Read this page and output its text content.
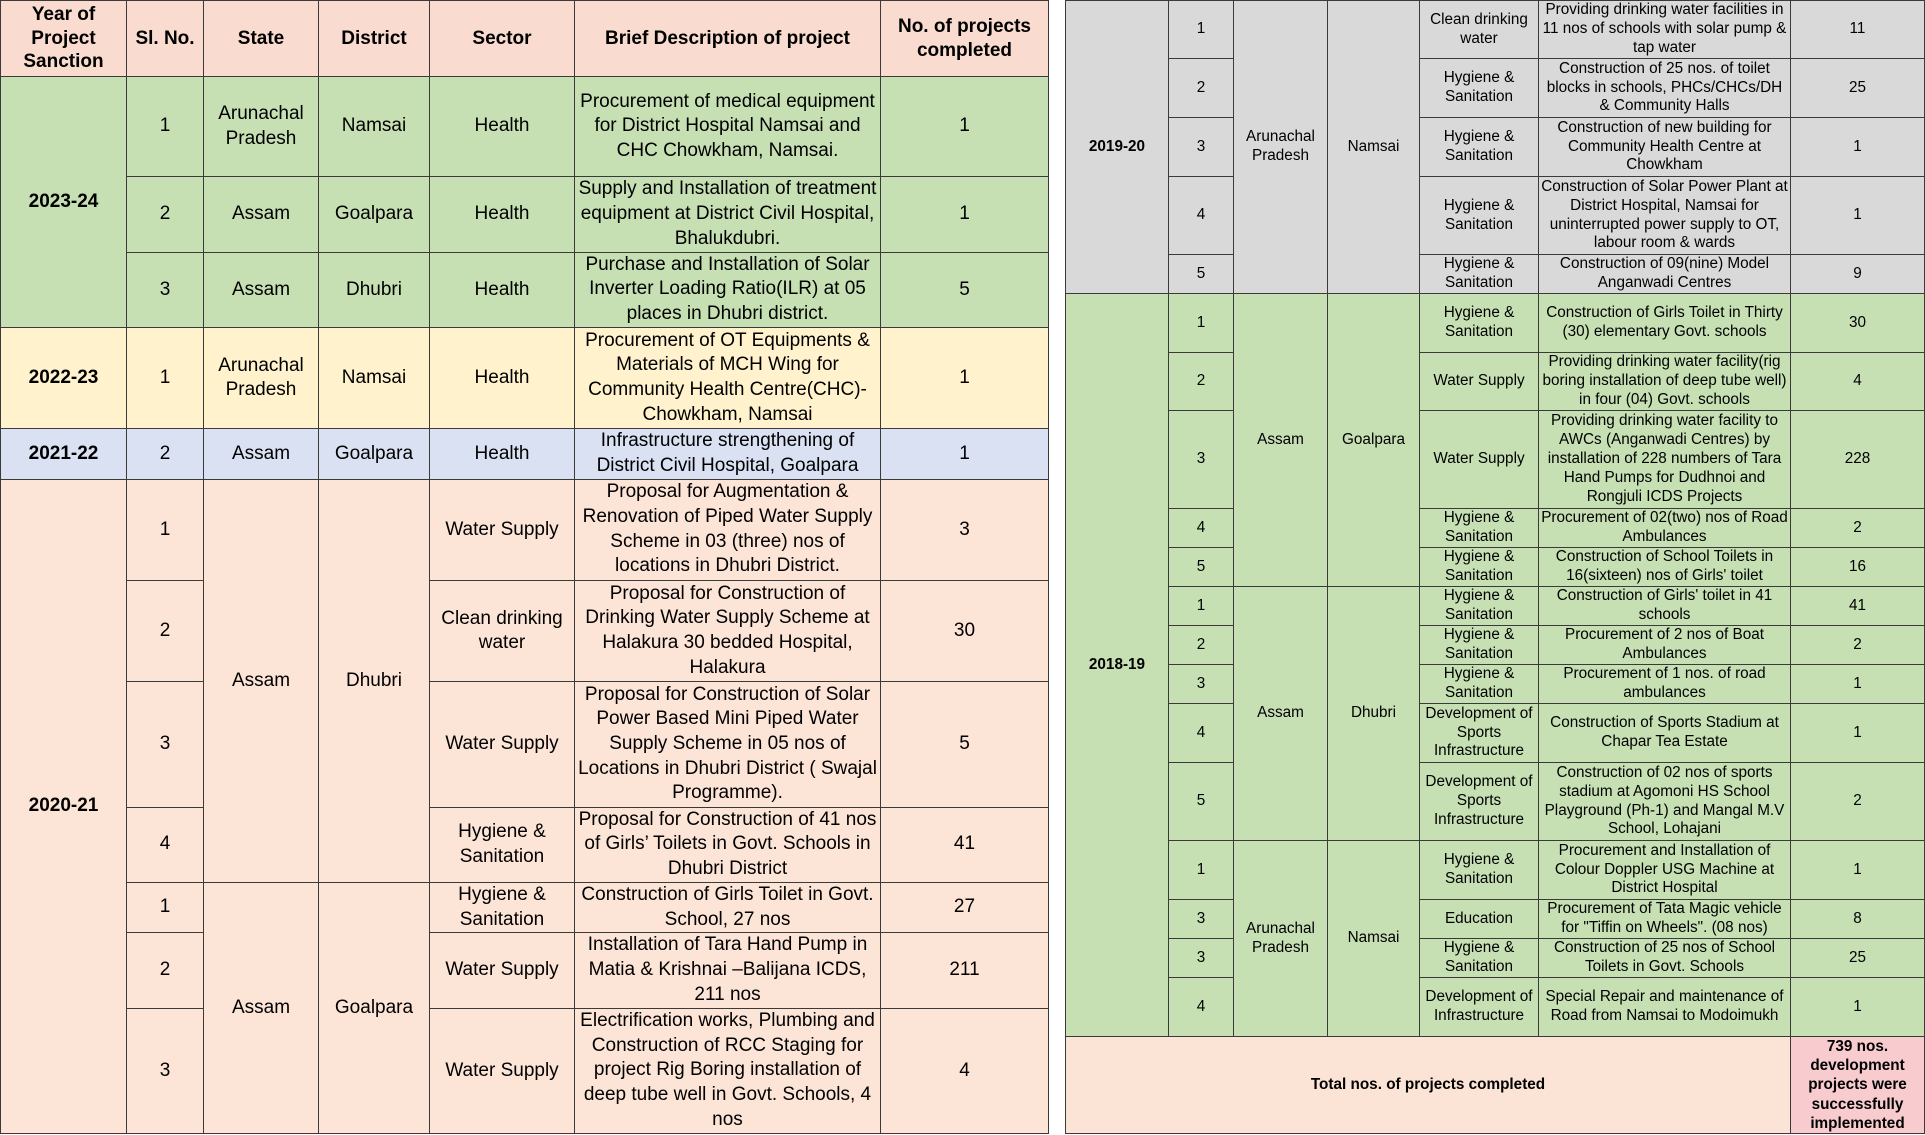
Year of Project Sanction	Sl. No.	State	District	Sector	Brief Description of project	No. of projects completed
2023-24	1	Arunachal Pradesh	Namsai	Health	Procurement of medical equipment for District Hospital Namsai and CHC Chowkham, Namsai.	1
	2	Assam	Goalpara	Health	Supply and Installation of treatment equipment at District Civil Hospital, Bhalukdubri.	1
	3	Assam	Dhubri	Health	Purchase and Installation of Solar Inverter Loading Ratio(ILR) at 05 places in Dhubri district.	5
2022-23	1	Arunachal Pradesh	Namsai	Health	Procurement of OT Equipments & Materials of MCH Wing for Community Health Centre(CHC)-Chowkham, Namsai	1
2021-22	2	Assam	Goalpara	Health	Infrastructure strengthening of District Civil Hospital, Goalpara	1
2020-21	1	Assam	Dhubri	Water Supply	Proposal for Augmentation & Renovation of Piped Water Supply Scheme in 03 (three) nos of locations in Dhubri District.	3
	2			Clean drinking water	Proposal for Construction of Drinking Water Supply Scheme at Halakura 30 bedded Hospital, Halakura	30
	3			Water Supply	Proposal for Construction of Solar Power Based Mini Piped Water Supply Scheme in 05 nos of Locations in Dhubri District ( Swajal Programme).	5
	4			Hygiene & Sanitation	Proposal for Construction of 41 nos of Girls’ Toilets in Govt. Schools in Dhubri District	41
	1	Assam	Goalpara	Hygiene & Sanitation	Construction of Girls Toilet in Govt. School, 27 nos	27
	2			Water Supply	Installation of Tara Hand Pump in Matia & Krishnai –Balijana ICDS, 211 nos	211
	3			Water Supply	Electrification works, Plumbing and Construction of RCC Staging for project Rig Boring installation of deep tube well in Govt. Schools, 4 nos	4
2019-20	1	Arunachal Pradesh	Namsai	Clean drinking water	Providing drinking water facilities in 11 nos of schools with solar pump & tap water	11
	2			Hygiene & Sanitation	Construction of 25 nos. of toilet blocks in schools, PHCs/CHCs/DH & Community Halls	25
	3			Hygiene & Sanitation	Construction of new building for Community Health Centre at Chowkham	1
	4			Hygiene & Sanitation	Construction of Solar Power Plant at District Hospital, Namsai for uninterrupted power supply to OT, labour room & wards	1
	5			Hygiene & Sanitation	Construction of 09(nine) Model Anganwadi Centres	9
2018-19	1	Assam	Goalpara	Hygiene & Sanitation	Construction of Girls Toilet in Thirty (30) elementary Govt. schools	30
	2			Water Supply	Providing drinking water facility(rig boring installation of deep tube well) in four (04) Govt. schools	4
	3			Water Supply	Providing drinking water facility to AWCs (Anganwadi Centres) by installation of 228 numbers of Tara Hand Pumps for Dudhnoi and Rongjuli ICDS Projects	228
	4			Hygiene & Sanitation	Procurement of 02(two) nos of Road Ambulances	2
	5			Hygiene & Sanitation	Construction of School Toilets in 16(sixteen) nos of Girls' toilet	16
	1	Assam	Dhubri	Hygiene & Sanitation	Construction of Girls' toilet in 41 schools	41
	2			Hygiene & Sanitation	Procurement of 2 nos of Boat Ambulances	2
	3			Hygiene & Sanitation	Procurement of 1 nos. of road ambulances	1
	4			Development of Sports Infrastructure	Construction of Sports Stadium at Chapar Tea Estate	1
	5			Development of Sports Infrastructure	Construction of 02 nos of sports stadium at Agomoni HS School Playground (Ph-1) and Mangal M.V School, Lohajani	2
	1	Arunachal Pradesh	Namsai	Hygiene & Sanitation	Procurement and Installation of Colour Doppler USG Machine at District Hospital	1
	3			Education	Procurement of Tata Magic vehicle for "Tiffin on Wheels". (08 nos)	8
	3			Hygiene & Sanitation	Construction of 25 nos of School Toilets in Govt. Schools	25
	4			Development of Infrastructure	Special Repair and maintenance of Road from Namsai to Modoimukh	1
Total nos. of projects completed						739 nos. development projects were successfully implemented
